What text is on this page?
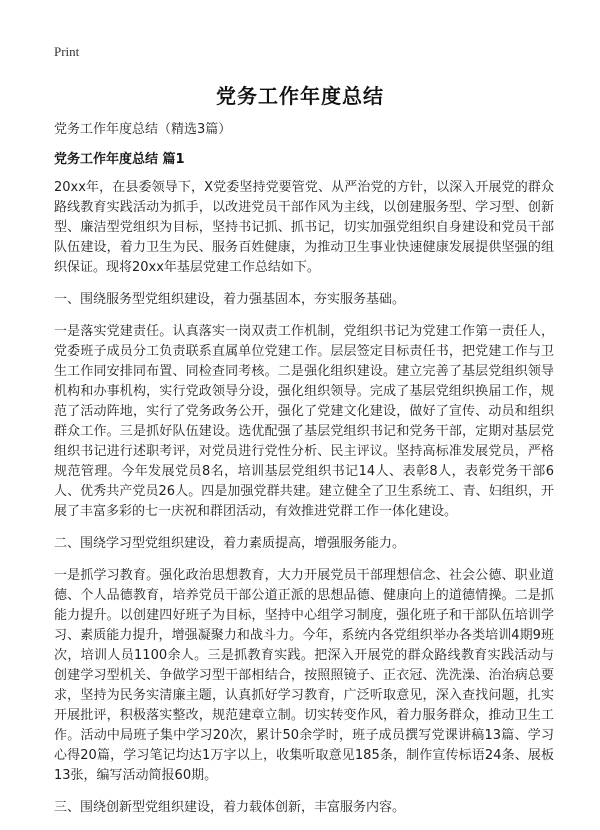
Print
党务工作年度总结
党务工作年度总结（精选3篇）
党务工作年度总结 篇1

20xx年，在县委领导下，X党委坚持党要管党、从严治党的方针，以深入开展党的群众路线教育实践活动为抓手，以改进党员干部作风为主线，以创建服务型、学习型、创新型、廉洁型党组织为目标，坚持书记抓、抓书记，切实加强党组织自身建设和党员干部队伍建设，着力卫生为民、服务百姓健康，为推动卫生事业快速健康发展提供坚强的组织保证。现将20xx年基层党建工作总结如下。

一、围绕服务型党组织建设，着力强基固本，夯实服务基础。

一是落实党建责任。认真落实一岗双责工作机制，党组织书记为党建工作第一责任人，党委班子成员分工负责联系直属单位党建工作。层层签定目标责任书，把党建工作与卫生工作同安排同布置、同检查同考核。二是强化组织建设。建立完善了基层党组织领导机构和办事机构，实行党政领导分设，强化组织领导。完成了基层党组织换届工作，规范了活动阵地，实行了党务政务公开，强化了党建文化建设，做好了宣传、动员和组织群众工作。三是抓好队伍建设。选优配强了基层党组织书记和党务干部，定期对基层党组织书记进行述职考评，对党员进行党性分析、民主评议。坚持高标准发展党员，严格规范管理。今年发展党员8名，培训基层党组织书记14人、表彰8人，表彰党务干部6人、优秀共产党员26人。四是加强党群共建。建立健全了卫生系统工、青、妇组织，开展了丰富多彩的七一庆祝和群团活动，有效推进党群工作一体化建设。

二、围绕学习型党组织建设，着力素质提高，增强服务能力。

一是抓学习教育。强化政治思想教育，大力开展党员干部理想信念、社会公德、职业道德、个人品德教育，培养党员干部公道正派的思想品德、健康向上的道德情操。二是抓能力提升。以创建四好班子为目标，坚持中心组学习制度，强化班子和干部队伍培训学习、素质能力提升，增强凝聚力和战斗力。今年，系统内各党组织举办各类培训4期9班次，培训人员1100余人。三是抓教育实践。把深入开展党的群众路线教育实践活动与创建学习型机关、争做学习型干部相结合，按照照镜子、正衣冠、洗洗澡、治治病总要求，坚持为民务实清廉主题，认真抓好学习教育，广泛听取意见，深入查找问题，扎实开展批评，积极落实整改，规范建章立制。切实转变作风，着力服务群众，推动卫生工作。活动中局班子集中学习20次，累计50余学时，班子成员撰写党课讲稿13篇、学习心得20篇，学习笔记均达1万字以上，收集听取意见185条，制作宣传标语24条、展板13张，编写活动简报60期。

三、围绕创新型党组织建设，着力载体创新，丰富服务内容。
